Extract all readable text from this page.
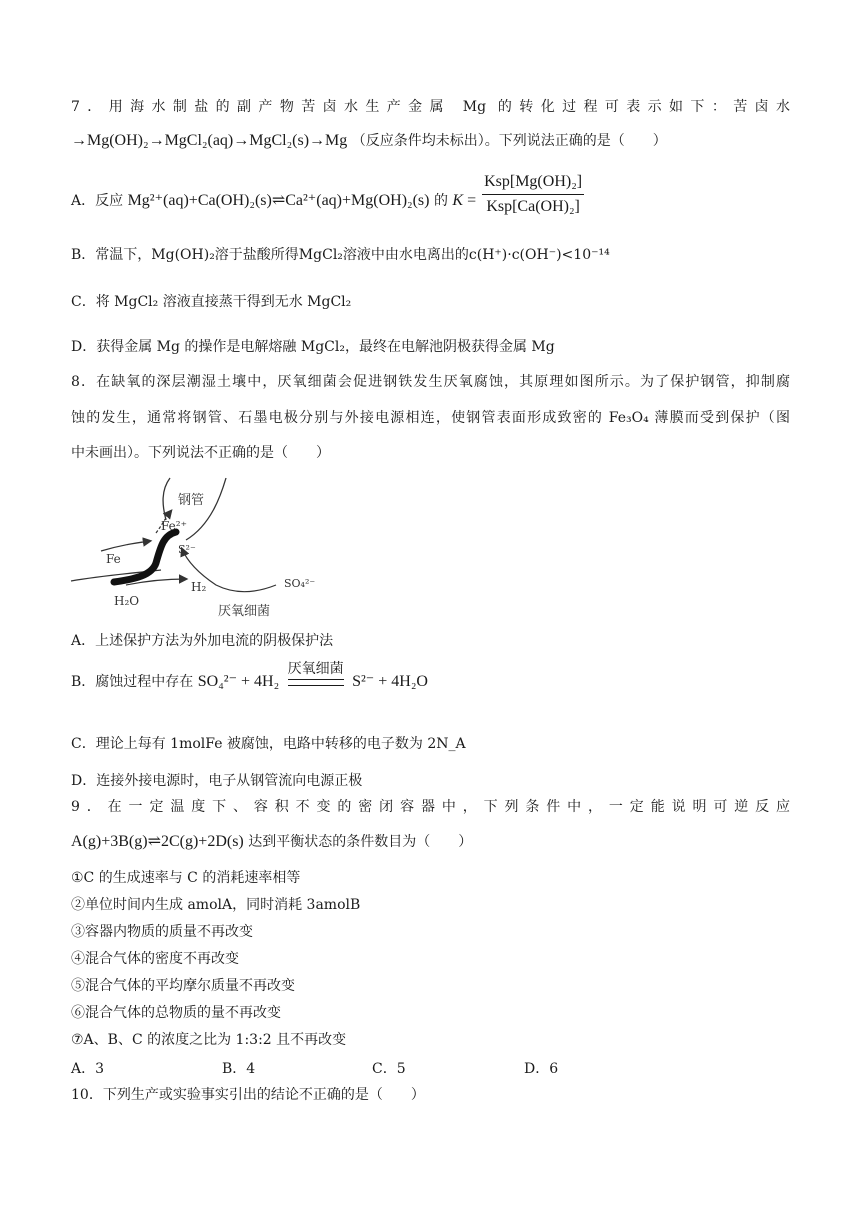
7．用海水制盐的副产物苦卤水生产金属 Mg 的转化过程可表示如下：苦卤水
→Mg(OH)₂→MgCl₂(aq)→MgCl₂(s)→Mg （反应条件均未标出）。下列说法正确的是（　　）
A．反应 Mg²⁺(aq)+Ca(OH)₂(s)⇌Ca²⁺(aq)+Mg(OH)₂(s) 的 $K = \frac{\text{Ksp[Mg(OH)₂]}}{\text{Ksp[Ca(OH)₂]}}$
B．常温下，Mg(OH)₂溶于盐酸所得MgCl₂溶液中由水电离出的c(H⁺)·c(OH⁻)<10⁻¹⁴
C．将 MgCl₂ 溶液直接蒸干得到无水 MgCl₂
D．获得金属 Mg 的操作是电解熔融 MgCl₂，最终在电解池阴极获得金属 Mg
8．在缺氧的深层潮湿土壤中，厌氧细菌会促进钢铁发生厌氧腐蚀，其原理如图所示。为了保护钢管，抑制腐
蚀的发生，通常将钢管、石墨电极分别与外接电源相连，使钢管表面形成致密的 Fe₃O₄ 薄膜而受到保护（图
中未画出）。下列说法不正确的是（　　）
钢管
Fe²⁺
Fe
S²⁻
H₂O
H₂	SO₄²⁻
厌氧细菌
A．上述保护方法为外加电流的阴极保护法
B．腐蚀过程中存在 SO₄²⁻ + 4H₂
厌氧细菌
S²⁻ + 4H₂O
C．理论上每有 1molFe 被腐蚀，电路中转移的电子数为 2N_A
D．连接外接电源时，电子从钢管流向电源正极
9．在一定温度下、容积不变的密闭容器中，下列条件中，一定能说明可逆反应
A(g)+3B(g)⇌2C(g)+2D(s) 达到平衡状态的条件数目为（　　）
①C 的生成速率与 C 的消耗速率相等
②单位时间内生成 amolA，同时消耗 3amolB
③容器内物质的质量不再改变
④混合气体的密度不再改变
⑤混合气体的平均摩尔质量不再改变
⑥混合气体的总物质的量不再改变
⑦A、B、C 的浓度之比为 1:3:2 且不再改变
A．3	B．4	C．5	D．6
10．下列生产或实验事实引出的结论不正确的是（　　）
